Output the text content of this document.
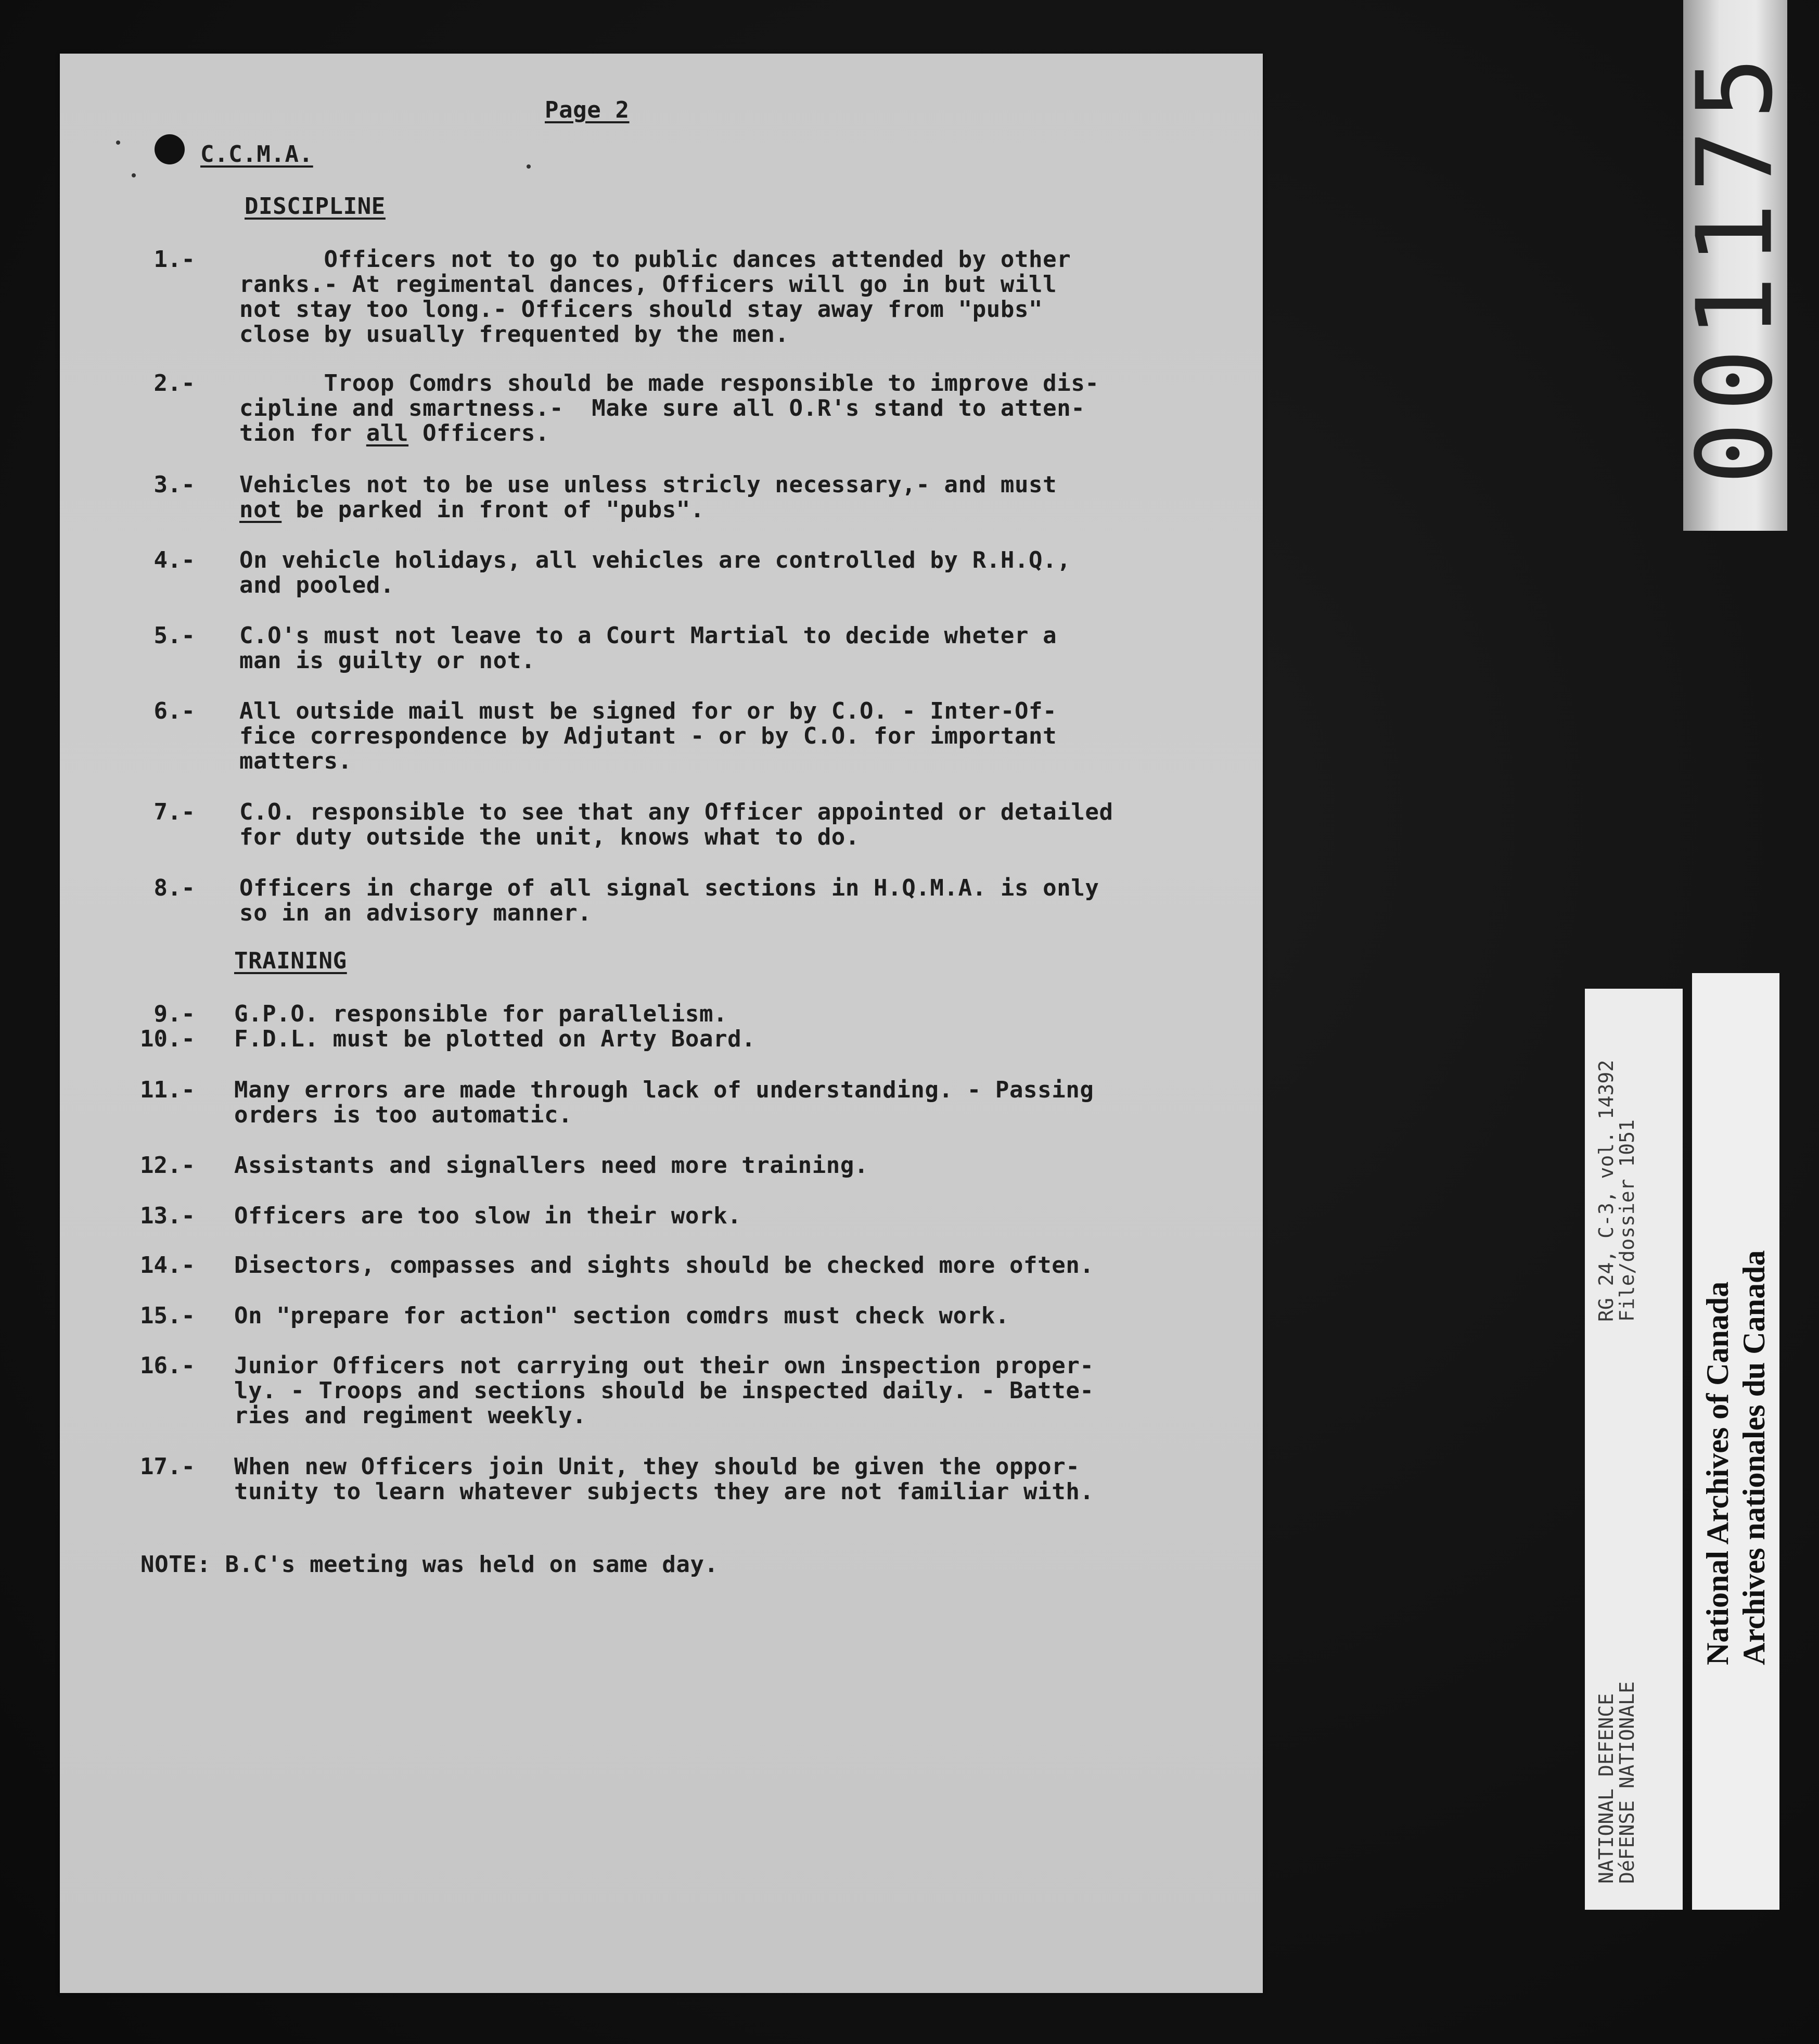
Page 2
C.C.M.A.
DISCIPLINE
1.- Officers not to go to public dances attended by other
ranks.- At regimental dances, Officers will go in but will
not stay too long.- Officers should stay away from "pubs"
close by usually frequented by the men.
2.- Troop Comdrs should be made responsible to improve dis-
cipline and smartness.-  Make sure all O.R's stand to atten-
tion for all Officers.
3.- Vehicles not to be use unless stricly necessary,- and must
not be parked in front of "pubs".
4.- On vehicle holidays, all vehicles are controlled by R.H.Q.,
and pooled.
5.- C.O's must not leave to a Court Martial to decide wheter a
man is guilty or not.
6.- All outside mail must be signed for or by C.O. - Inter-Of-
fice correspondence by Adjutant - or by C.O. for important
matters.
7.- C.O. responsible to see that any Officer appointed or detailed
for duty outside the unit, knows what to do.
8.- Officers in charge of all signal sections in H.Q.M.A. is only
so in an advisory manner.
TRAINING
9.- G.P.O. responsible for parallelism.
10.- F.D.L. must be plotted on Arty Board.
11.- Many errors are made through lack of understanding. - Passing
orders is too automatic.
12.- Assistants and signallers need more training.
13.- Officers are too slow in their work.
14.- Disectors, compasses and sights should be checked more often.
15.- On "prepare for action" section comdrs must check work.
16.- Junior Officers not carrying out their own inspection proper-
ly. - Troops and sections should be inspected daily. - Batte-
ries and regiment weekly.
17.- When new Officers join Unit, they should be given the oppor-
tunity to learn whatever subjects they are not familiar with.
NOTE: B.C's meeting was held on same day.
001175
NATIONAL DEFENCE
DéFENSE NATIONALE
RG 24, C-3, vol. 14392
File/dossier 1051
National Archives of Canada Archives nationales du Canada
